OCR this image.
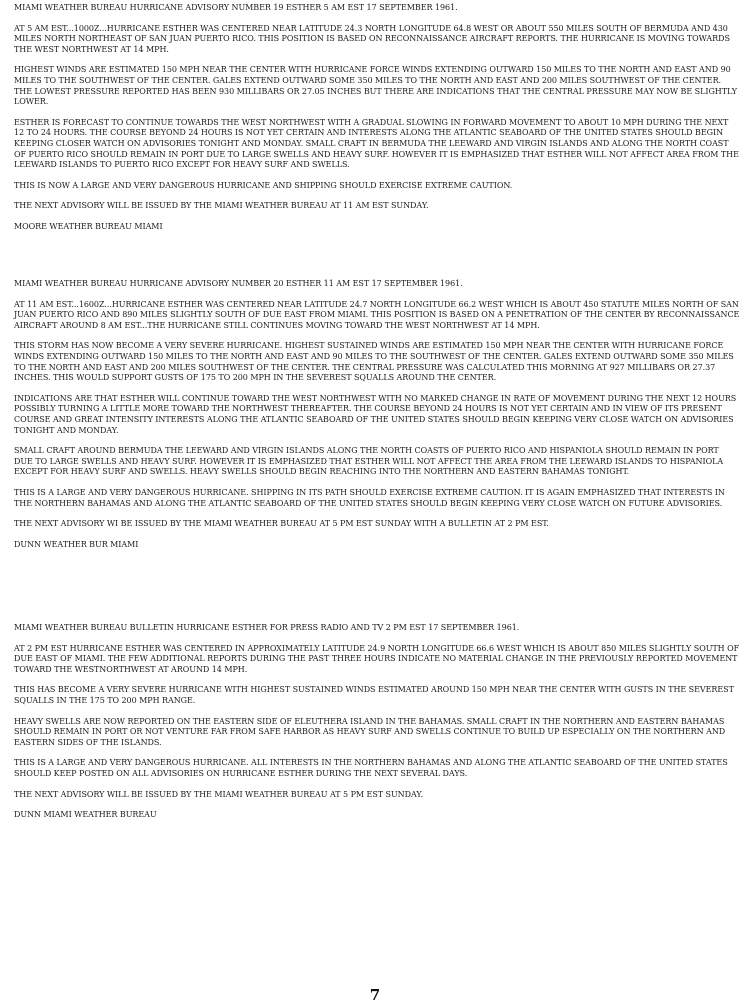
MIAMI WEATHER BUREAU HURRICANE ADVISORY NUMBER 19 ESTHER 5 AM EST 17 SEPTEMBER 1961.

AT 5 AM EST...1000Z...HURRICANE ESTHER WAS CENTERED NEAR LATITUDE 24.3 NORTH LONGITUDE 64.8 WEST OR ABOUT 550 MILES SOUTH OF BERMUDA AND 430 MILES NORTH NORTHEAST OF SAN JUAN PUERTO RICO. THIS POSITION IS BASED ON RECONNAISSANCE AIRCRAFT REPORTS. THE HURRICANE IS MOVING TOWARDS THE WEST NORTHWEST AT 14 MPH.

HIGHEST WINDS ARE ESTIMATED 150 MPH NEAR THE CENTER WITH HURRICANE FORCE WINDS EXTENDING OUTWARD 150 MILES TO THE NORTH AND EAST AND 90 MILES TO THE SOUTHWEST OF THE CENTER. GALES EXTEND OUTWARD SOME 350 MILES TO THE NORTH AND EAST AND 200 MILES SOUTHWEST OF THE CENTER. THE LOWEST PRESSURE REPORTED HAS BEEN 930 MILLIBARS OR 27.05 INCHES BUT THERE ARE INDICATIONS THAT THE CENTRAL PRESSURE MAY NOW BE SLIGHTLY LOWER.

ESTHER IS FORECAST TO CONTINUE TOWARDS THE WEST NORTHWEST WITH A GRADUAL SLOWING IN FORWARD MOVEMENT TO ABOUT 10 MPH DURING THE NEXT 12 TO 24 HOURS. THE COURSE BEYOND 24 HOURS IS NOT YET CERTAIN AND INTERESTS ALONG THE ATLANTIC SEABOARD OF THE UNITED STATES SHOULD BEGIN KEEPING CLOSER WATCH ON ADVISORIES TONIGHT AND MONDAY. SMALL CRAFT IN BERMUDA THE LEEWARD AND VIRGIN ISLANDS AND ALONG THE NORTH COAST OF PUERTO RICO SHOULD REMAIN IN PORT DUE TO LARGE SWELLS AND HEAVY SURF. HOWEVER IT IS EMPHASIZED THAT ESTHER WILL NOT AFFECT AREA FROM THE LEEWARD ISLANDS TO PUERTO RICO EXCEPT FOR HEAVY SURF AND SWELLS.

THIS IS NOW A LARGE AND VERY DANGEROUS HURRICANE AND SHIPPING SHOULD EXERCISE EXTREME CAUTION.

THE NEXT ADVISORY WILL BE ISSUED BY THE MIAMI WEATHER BUREAU AT 11 AM EST SUNDAY.

MOORE WEATHER BUREAU MIAMI

MIAMI WEATHER BUREAU HURRICANE ADVISORY NUMBER 20 ESTHER 11 AM EST 17 SEPTEMBER 1961.

AT 11 AM EST...1600Z...HURRICANE ESTHER WAS CENTERED NEAR LATITUDE 24.7 NORTH LONGITUDE 66.2 WEST WHICH IS ABOUT 450 STATUTE MILES NORTH OF SAN JUAN PUERTO RICO AND 890 MILES SLIGHTLY SOUTH OF DUE EAST FROM MIAMI. THIS POSITION IS BASED ON A PENETRATION OF THE CENTER BY RECONNAISSANCE AIRCRAFT AROUND 8 AM EST...THE HURRICANE STILL CONTINUES MOVING TOWARD THE WEST NORTHWEST AT 14 MPH.

THIS STORM HAS NOW BECOME A VERY SEVERE HURRICANE. HIGHEST SUSTAINED WINDS ARE ESTIMATED 150 MPH NEAR THE CENTER WITH HURRICANE FORCE WINDS EXTENDING OUTWARD 150 MILES TO THE NORTH AND EAST AND 90 MILES TO THE SOUTHWEST OF THE CENTER. GALES EXTEND OUTWARD SOME 350 MILES TO THE NORTH AND EAST AND 200 MILES SOUTHWEST OF THE CENTER. THE CENTRAL PRESSURE WAS CALCULATED THIS MORNING AT 927 MILLIBARS OR 27.37 INCHES. THIS WOULD SUPPORT GUSTS OF 175 TO 200 MPH IN THE SEVEREST SQUALLS AROUND THE CENTER.

INDICATIONS ARE THAT ESTHER WILL CONTINUE TOWARD THE WEST NORTHWEST WITH NO MARKED CHANGE IN RATE OF MOVEMENT DURING THE NEXT 12 HOURS POSSIBLY TURNING A LITTLE MORE TOWARD THE NORTHWEST THEREAFTER. THE COURSE BEYOND 24 HOURS IS NOT YET CERTAIN AND IN VIEW OF ITS PRESENT COURSE AND GREAT INTENSITY INTERESTS ALONG THE ATLANTIC SEABOARD OF THE UNITED STATES SHOULD BEGIN KEEPING VERY CLOSE WATCH ON ADVISORIES TONIGHT AND MONDAY.

SMALL CRAFT AROUND BERMUDA THE LEEWARD AND VIRGIN ISLANDS ALONG THE NORTH COASTS OF PUERTO RICO AND HISPANIOLA SHOULD REMAIN IN PORT DUE TO LARGE SWELLS AND HEAVY SURF. HOWEVER IT IS EMPHASIZED THAT ESTHER WILL NOT AFFECT THE AREA FROM THE LEEWARD ISLANDS TO HISPANIOLA EXCEPT FOR HEAVY SURF AND SWELLS. HEAVY SWELLS SHOULD BEGIN REACHING INTO THE NORTHERN AND EASTERN BAHAMAS TONIGHT.

THIS IS A LARGE AND VERY DANGEROUS HURRICANE. SHIPPING IN ITS PATH SHOULD EXERCISE EXTREME CAUTION. IT IS AGAIN EMPHASIZED THAT INTERESTS IN THE NORTHERN BAHAMAS AND ALONG THE ATLANTIC SEABOARD OF THE UNITED STATES SHOULD BEGIN KEEPING VERY CLOSE WATCH ON FUTURE ADVISORIES.

THE NEXT ADVISORY WI BE ISSUED BY THE MIAMI WEATHER BUREAU AT 5 PM EST SUNDAY WITH A BULLETIN AT 2 PM EST.

DUNN WEATHER BUR MIAMI

MIAMI WEATHER BUREAU BULLETIN HURRICANE ESTHER FOR PRESS RADIO AND TV 2 PM EST 17 SEPTEMBER 1961.

AT 2 PM EST HURRICANE ESTHER WAS CENTERED IN APPROXIMATELY LATITUDE 24.9 NORTH LONGITUDE 66.6 WEST WHICH IS ABOUT 850 MILES SLIGHTLY SOUTH OF DUE EAST OF MIAMI. THE FEW ADDITIONAL REPORTS DURING THE PAST THREE HOURS INDICATE NO MATERIAL CHANGE IN THE PREVIOUSLY REPORTED MOVEMENT TOWARD THE WESTNORTHWEST AT AROUND 14 MPH.

THIS HAS BECOME A VERY SEVERE HURRICANE WITH HIGHEST SUSTAINED WINDS ESTIMATED AROUND 150 MPH NEAR THE CENTER WITH GUSTS IN THE SEVEREST SQUALLS IN THE 175 TO 200 MPH RANGE.

HEAVY SWELLS ARE NOW REPORTED ON THE EASTERN SIDE OF ELEUTHERA ISLAND IN THE BAHAMAS. SMALL CRAFT IN THE NORTHERN AND EASTERN BAHAMAS SHOULD REMAIN IN PORT OR NOT VENTURE FAR FROM SAFE HARBOR AS HEAVY SURF AND SWELLS CONTINUE TO BUILD UP ESPECIALLY ON THE NORTHERN AND EASTERN SIDES OF THE ISLANDS.

THIS IS A LARGE AND VERY DANGEROUS HURRICANE. ALL INTERESTS IN THE NORTHERN BAHAMAS AND ALONG THE ATLANTIC SEABOARD OF THE UNITED STATES SHOULD KEEP POSTED ON ALL ADVISORIES ON HURRICANE ESTHER DURING THE NEXT SEVERAL DAYS.

THE NEXT ADVISORY WILL BE ISSUED BY THE MIAMI WEATHER BUREAU AT 5 PM EST SUNDAY.

DUNN MIAMI WEATHER BUREAU

7
